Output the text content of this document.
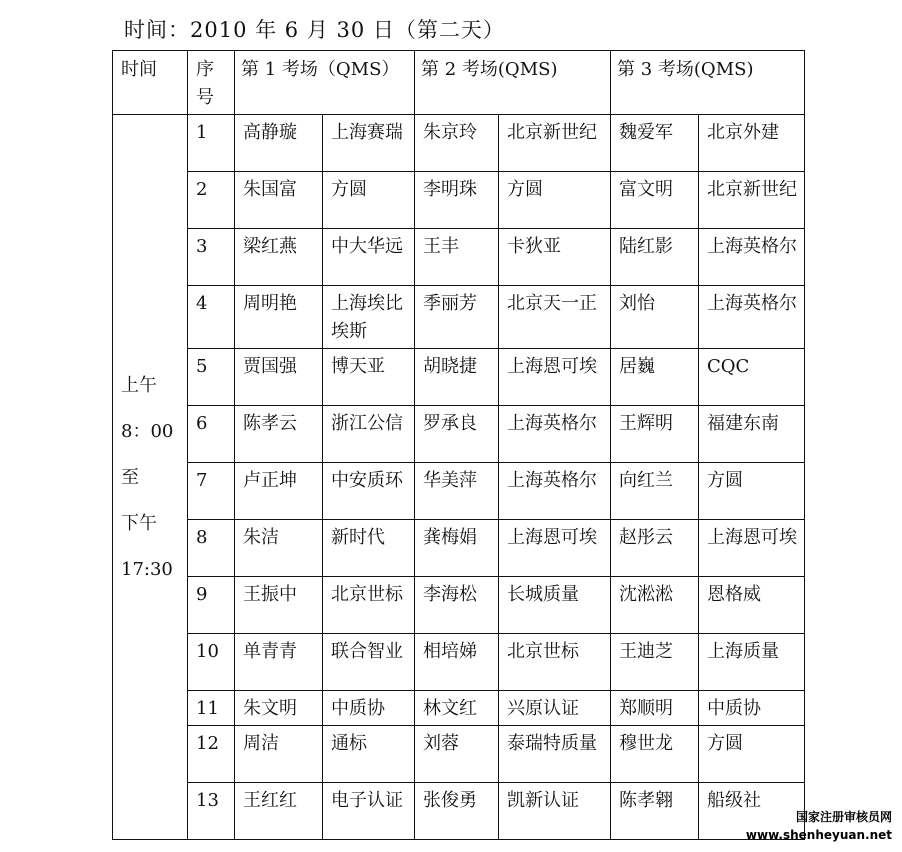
时间：2010 年 6 月 30 日（第二天）
时间	序号	第 1 考场（QMS）		第 2 考场(QMS)		第 3 考场(QMS)	

上午
8：00
至
下午
17:30	1	高静璇	上海赛瑞	朱京玲	北京新世纪	魏爱军	北京外建
	2	朱国富	方圆	李明珠	方圆	富文明	北京新世纪
	3	梁红燕	中大华远	王丰	卡狄亚	陆红影	上海英格尔
	4	周明艳	上海埃比埃斯	季丽芳	北京天一正	刘怡	上海英格尔
	5	贾国强	博天亚	胡晓捷	上海恩可埃	居巍	CQC
	6	陈孝云	浙江公信	罗承良	上海英格尔	王辉明	福建东南
	7	卢正坤	中安质环	华美萍	上海英格尔	向红兰	方圆
	8	朱洁	新时代	龚梅娟	上海恩可埃	赵彤云	上海恩可埃
	9	王振中	北京世标	李海松	长城质量	沈淞淞	恩格威
	10	单青青	联合智业	相培娣	北京世标	王迪芝	上海质量
	11	朱文明	中质协	林文红	兴原认证	郑顺明	中质协
	12	周洁	通标	刘蓉	泰瑞特质量	穆世龙	方圆
	13	王红红	电子认证	张俊勇	凯新认证	陈孝翱	船级社
国家注册审核员网
www.shenheyuan.net
